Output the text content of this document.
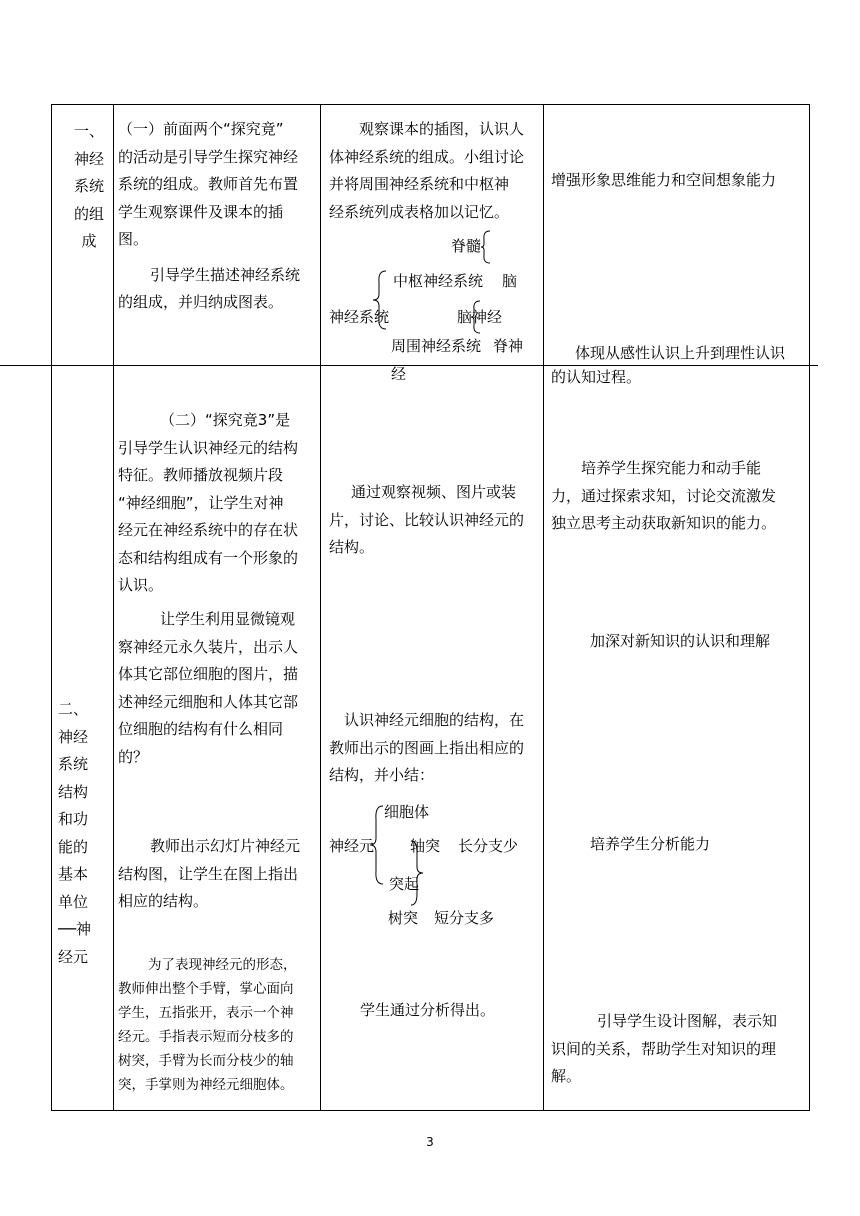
一、
神经
系统
的组
成
（一）前面两个“探究竟”
的活动是引导学生探究神经
系统的组成。教师首先布置
学生观察课件及课本的插
图。
引导学生描述神经系统
的组成，并归纳成图表。
观察课本的插图，认识人
体神经系统的组成。小组讨论
并将周围神经系统和中枢神
经系统列成表格加以记忆。
脊髓
中枢神经系统 脑
神经系统	脑神经
周围神经系统 脊神
经
增强形象思维能力和空间想象能力
体现从感性认识上升到理性认识
的认知过程。
二、
神经
系统
结构
和功
能的
基本
单位
──神
经元
（二）“探究竟3”是
引导学生认识神经元的结构
特征。教师播放视频片段
“神经细胞”，让学生对神
经元在神经系统中的存在状
态和结构组成有一个形象的
认识。
让学生利用显微镜观
察神经元永久装片，出示人
体其它部位细胞的图片，描
述神经元细胞和人体其它部
位细胞的结构有什么相同
的？
教师出示幻灯片神经元
结构图，让学生在图上指出
相应的结构。
为了表现神经元的形态，
教师伸出整个手臂，掌心面向
学生，五指张开，表示一个神
经元。手指表示短而分枝多的
树突，手臂为长而分枝少的轴
突，手掌则为神经元细胞体。
通过观察视频、图片或装
片，讨论、比较认识神经元的
结构。
认识神经元细胞的结构，在
教师出示的图画上指出相应的
结构，并小结：
细胞体
神经元 轴突 长分支少
突起
树突 短分支多
学生通过分析得出。
培养学生探究能力和动手能
力，通过探索求知，讨论交流激发
独立思考主动获取新知识的能力。
加深对新知识的认识和理解
培养学生分析能力
引导学生设计图解，表示知
识间的关系，帮助学生对知识的理
解。
3
